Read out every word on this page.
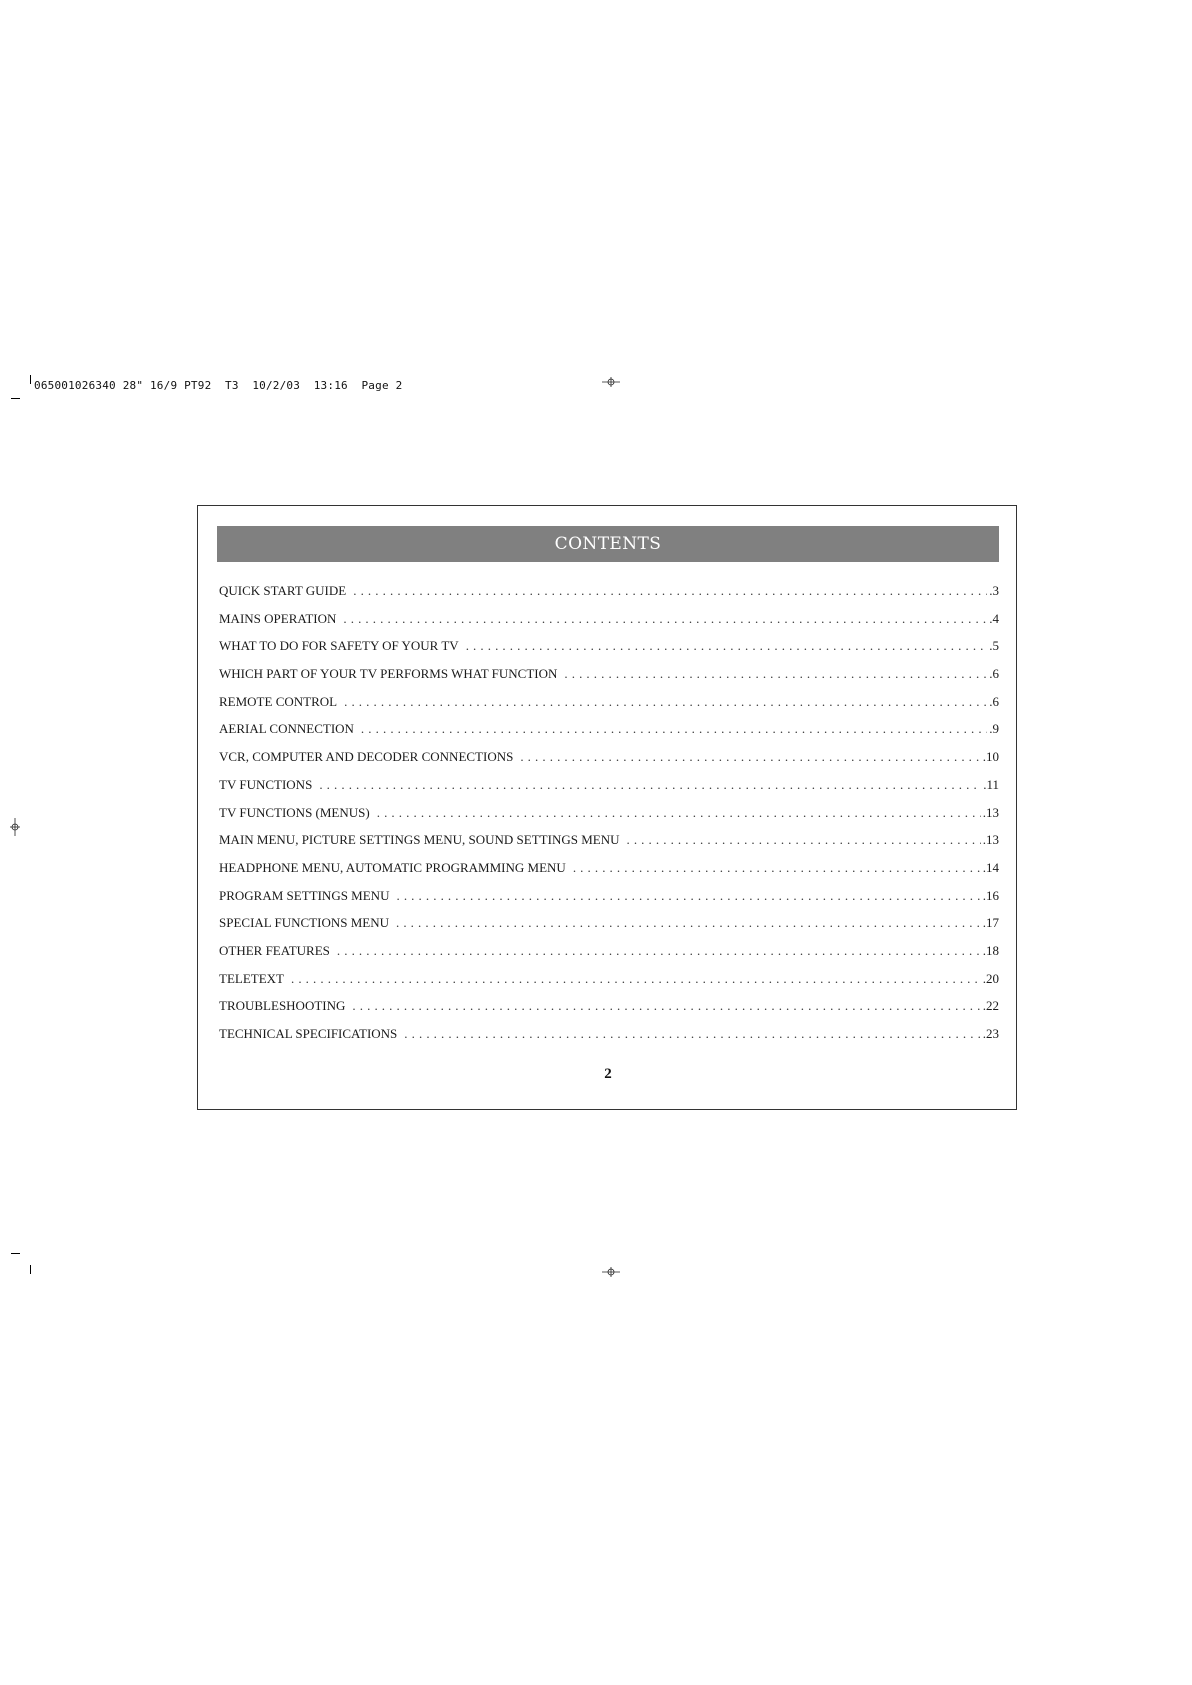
065001026340 28" 16/9 PT92  T3  10/2/03  13:16  Page 2
CONTENTS
QUICK START GUIDE .....	.3
MAINS OPERATION .....	.4
WHAT TO DO FOR SAFETY OF YOUR TV .....	.5
WHICH PART OF YOUR TV PERFORMS WHAT FUNCTION .....	.6
REMOTE CONTROL .....	.6
AERIAL CONNECTION .....	.9
VCR, COMPUTER AND DECODER CONNECTIONS .....	.10
TV FUNCTIONS .....	.11
TV FUNCTIONS (MENUS) .....	.13
MAIN MENU, PICTURE SETTINGS MENU, SOUND SETTINGS MENU .....	.13
HEADPHONE MENU, AUTOMATIC PROGRAMMING MENU .....	.14
PROGRAM SETTINGS MENU .....	.16
SPECIAL FUNCTIONS MENU .....	.17
OTHER FEATURES .....	.18
TELETEXT .....	.20
TROUBLESHOOTING .....	.22
TECHNICAL SPECIFICATIONS .....	.23
2
